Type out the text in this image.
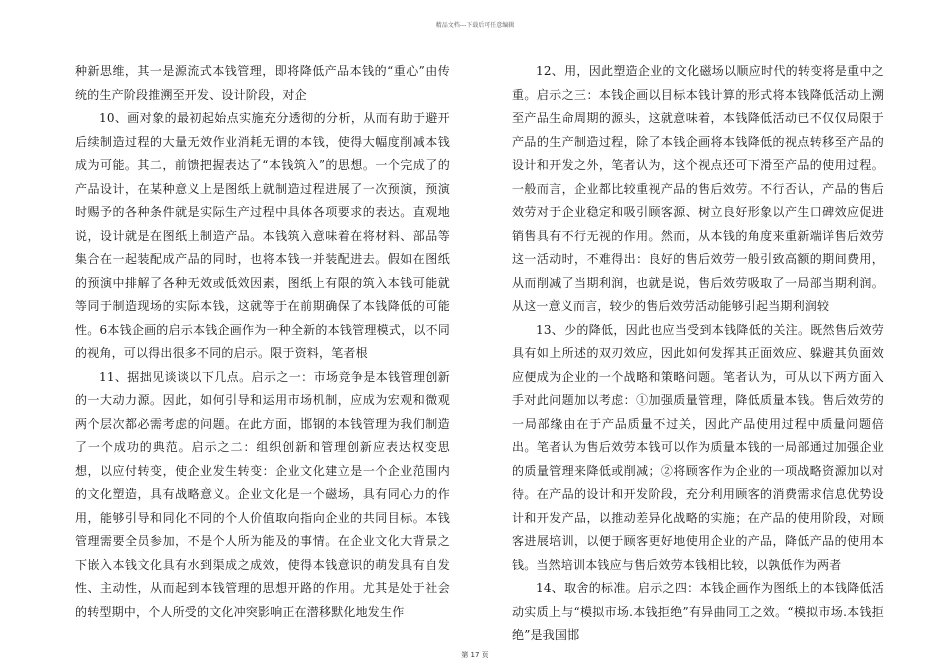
精品文档---下载后可任意编辑

种新思维，其一是源流式本钱管理，即将降低产品本钱的“重心”由传统的生产阶段推溯至开发、设计阶段，对企

10、画对象的最初起始点实施充分透彻的分析，从而有助于避开后续制造过程的大量无效作业消耗无谓的本钱，使得大幅度削减本钱成为可能。其二，前馈把握表达了“本钱筑入”的思想。一个完成了的产品设计，在某种意义上是图纸上就制造过程进展了一次预演，预演时赐予的各种条件就是实际生产过程中具体各项要求的表达。直观地说，设计就是在图纸上制造产品。本钱筑入意味着在将材料、部品等集合在一起装配成产品的同时，也将本钱一并装配进去。假如在图纸的预演中排解了各种无效或低效因素，图纸上有限的筑入本钱可能就等同于制造现场的实际本钱，这就等于在前期确保了本钱降低的可能性。6本钱企画的启示本钱企画作为一种全新的本钱管理模式，以不同的视角，可以得出很多不同的启示。限于资料，笔者根

11、据拙见谈谈以下几点。启示之一：市场竞争是本钱管理创新的一大动力源。因此，如何引导和运用市场机制，应成为宏观和微观两个层次都必需考虑的问题。在此方面，邯钢的本钱管理为我们制造了一个成功的典范。启示之二：组织创新和管理创新应表达权变思想，以应付转变，使企业发生转变：企业文化建立是一个企业范围内的文化塑造，具有战略意义。企业文化是一个磁场，具有同心力的作用，能够引导和同化不同的个人价值取向指向企业的共同目标。本钱管理需要全员参加，不是个人所为能及的事情。在企业文化大背景之下嵌入本钱文化具有水到渠成之成效，使得本钱意识的萌发具有自发性、主动性，从而起到本钱管理的思想开路的作用。尤其是处于社会的转型期中，个人所受的文化冲突影响正在潜移默化地发生作

12、用，因此塑造企业的文化磁场以顺应时代的转变将是重中之重。启示之三：本钱企画以目标本钱计算的形式将本钱降低活动上溯至产品生命周期的源头，这就意味着，本钱降低活动已不仅仅局限于产品的生产制造过程，除了本钱企画将本钱降低的视点转移至产品的设计和开发之外，笔者认为，这个视点还可下滑至产品的使用过程。一般而言，企业都比较重视产品的售后效劳。不行否认，产品的售后效劳对于企业稳定和吸引顾客源、树立良好形象以产生口碑效应促进销售具有不行无视的作用。然而，从本钱的角度来重新端详售后效劳这一活动时，不难得出：良好的售后效劳一般引致高额的期间费用，从而削减了当期利润，也就是说，售后效劳吸取了一局部当期利润。从这一意义而言，较少的售后效劳活动能够引起当期利润较

13、少的降低，因此也应当受到本钱降低的关注。既然售后效劳具有如上所述的双刃效应，因此如何发挥其正面效应、躲避其负面效应便成为企业的一个战略和策略问题。笔者认为，可从以下两方面入手对此问题加以考虑：①加强质量管理，降低质量本钱。售后效劳的一局部缘由在于产品质量不过关，因此产品使用过程中质量问题倍出。笔者认为售后效劳本钱可以作为质量本钱的一局部通过加强企业的质量管理来降低或削减；②将顾客作为企业的一项战略资源加以对待。在产品的设计和开发阶段，充分利用顾客的消费需求信息优势设计和开发产品，以推动差异化战略的实施；在产品的使用阶段，对顾客进展培训，以便于顾客更好地使用企业的产品，降低产品的使用本钱。当然培训本钱应与售后效劳本钱相比较，以孰低作为两者

14、取舍的标准。启示之四：本钱企画作为图纸上的本钱降低活动实质上与“模拟市场.本钱拒绝”有异曲同工之效。“模拟市场.本钱拒绝”是我国邯

第 17 页
